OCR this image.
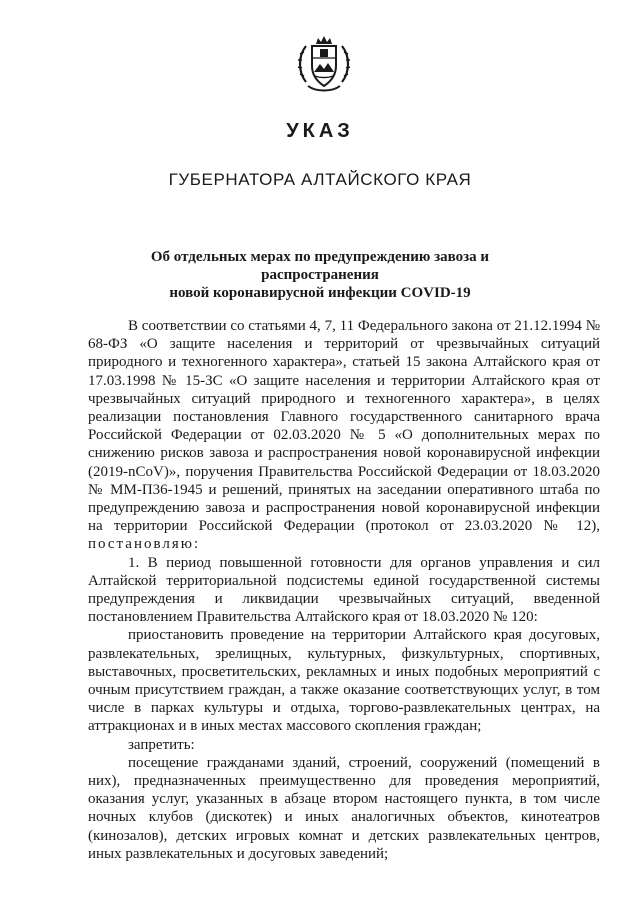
УКАЗ
ГУБЕРНАТОРА АЛТАЙСКОГО КРАЯ
Об отдельных мерах по предупреждению завоза и распространения
новой коронавирусной инфекции COVID-19

В соответствии со статьями 4, 7, 11 Федерального закона от 21.12.1994 № 68-ФЗ «О защите населения и территорий от чрезвычайных ситуаций природного и техногенного характера», статьей 15 закона Алтайского края от 17.03.1998 № 15-ЗС «О защите населения и территории Алтайского края от чрезвычайных ситуаций природного и техногенного характера», в целях реализации постановления Главного государственного санитарного врача Российской Федерации от 02.03.2020 № 5 «О дополнительных мерах по снижению рисков завоза и распространения новой коронавирусной инфекции (2019-nCoV)», поручения Правительства Российской Федерации от 18.03.2020 № ММ-П36-1945 и решений, принятых на заседании оперативного штаба по предупреждению завоза и распространения новой коронавирусной инфекции на территории Российской Федерации (протокол от 23.03.2020 № 12), постановляю:

1. В период повышенной готовности для органов управления и сил Алтайской территориальной подсистемы единой государственной системы предупреждения и ликвидации чрезвычайных ситуаций, введенной постановлением Правительства Алтайского края от 18.03.2020 № 120:

приостановить проведение на территории Алтайского края досуговых, развлекательных, зрелищных, культурных, физкультурных, спортивных, выставочных, просветительских, рекламных и иных подобных мероприятий с очным присутствием граждан, а также оказание соответствующих услуг, в том числе в парках культуры и отдыха, торгово-развлекательных центрах, на аттракционах и в иных местах массового скопления граждан;

запретить:

посещение гражданами зданий, строений, сооружений (помещений в них), предназначенных преимущественно для проведения мероприятий, оказания услуг, указанных в абзаце втором настоящего пункта, в том числе ночных клубов (дискотек) и иных аналогичных объектов, кинотеатров (кинозалов), детских игровых комнат и детских развлекательных центров, иных развлекательных и досуговых заведений;
